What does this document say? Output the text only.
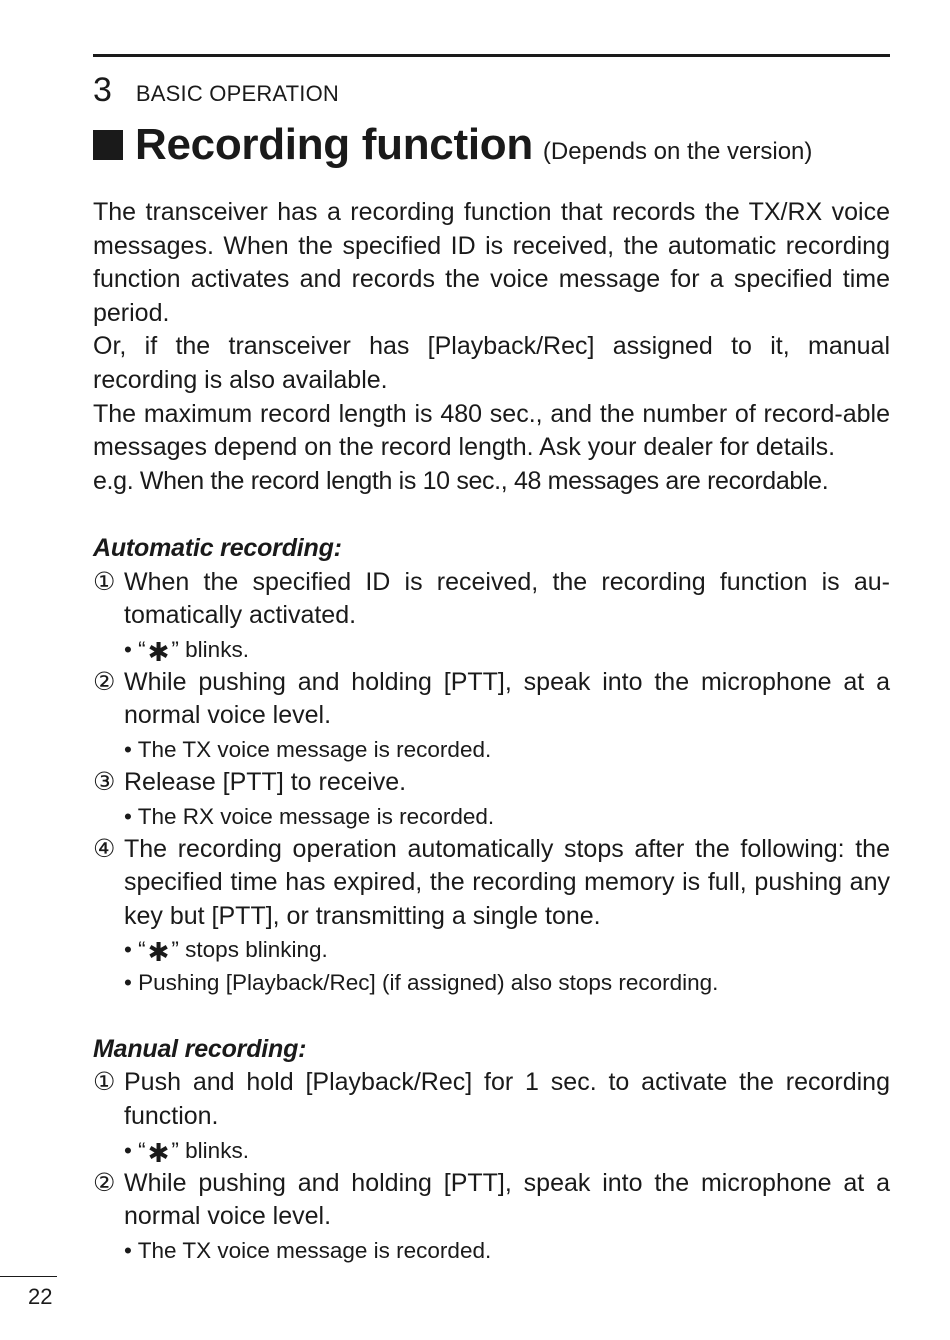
3 BASIC OPERATION
Recording function (Depends on the version)

The transceiver has a recording function that records the TX/RX voice messages. When the specified ID is received, the automatic recording function activates and records the voice message for a specified time period.

Or, if the transceiver has [Playback/Rec] assigned to it, manual recording is also available.

The maximum record length is 480 sec., and the number of record-able messages depend on the record length. Ask your dealer for details.

e.g. When the record length is 10 sec., 48 messages are recordable.

Automatic recording:

① When the specified ID is received, the recording function is au-tomatically activated.
• “✱” blinks.
② While pushing and holding [PTT], speak into the microphone at a normal voice level.
• The TX voice message is recorded.
③ Release [PTT] to receive.
• The RX voice message is recorded.
④ The recording operation automatically stops after the following: the specified time has expired, the recording memory is full, pushing any key but [PTT], or transmitting a single tone.
• “✱” stops blinking.
• Pushing [Playback/Rec] (if assigned) also stops recording.

Manual recording:

① Push and hold [Playback/Rec] for 1 sec. to activate the recording function.
• “✱” blinks.
② While pushing and holding [PTT], speak into the microphone at a normal voice level.
• The TX voice message is recorded.
22
